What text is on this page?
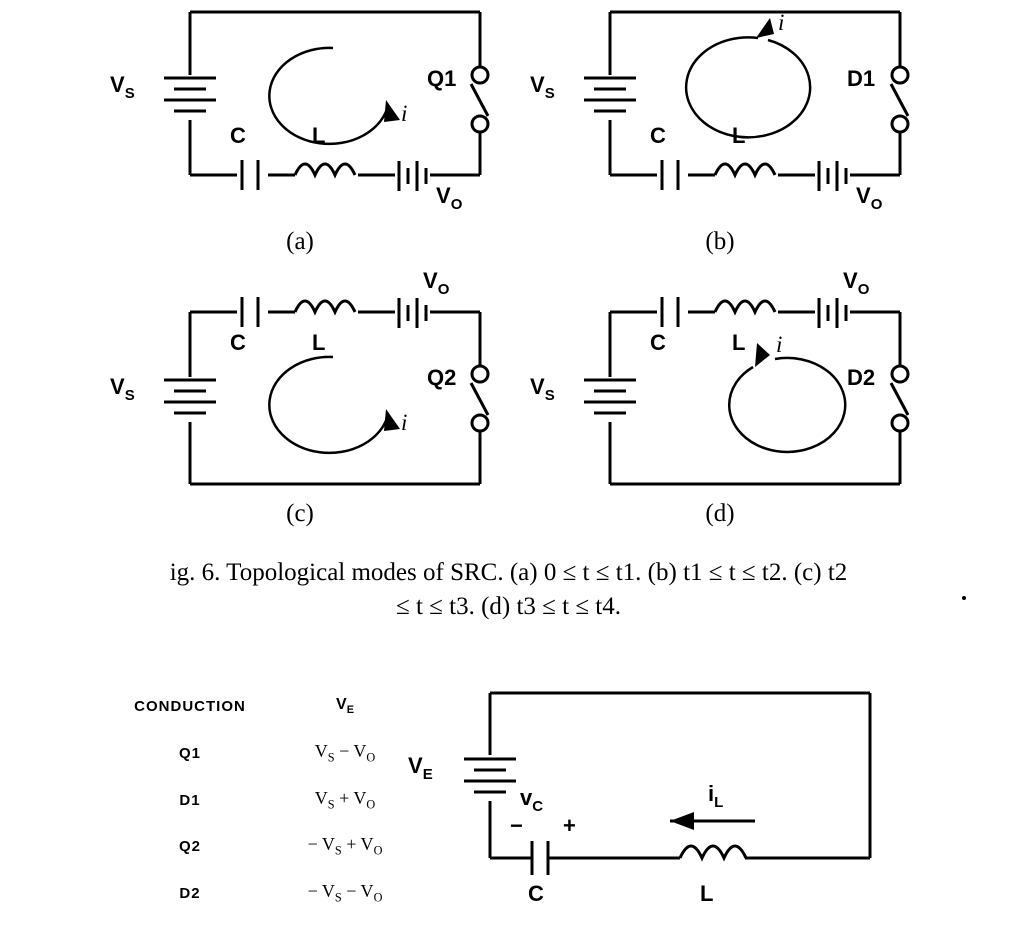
$V_S$
C	L
$V_O$
Q1
i
(a)
$V_S$
C	L
$V_O$
D1
i
(b)
C	L
$V_O$
$V_S$
Q2
i
(c)
C	L
$V_O$
$V_S$
D2
i
(d)
ig. 6. Topological modes of SRC. (a) 0 ≤ t ≤ t1. (b) t1 ≤ t ≤ t2. (c) t2
≤ t ≤ t3. (d) t3 ≤ t ≤ t4.
CONDUCTION	$V_E$
Q1	$V_S - V_O$
D1	$V_S + V_O$
Q2	− $V_S + V_O$
D2	− $V_S - V_O$
$V_E$
C
− +
$v_C$
L
$i_L$
